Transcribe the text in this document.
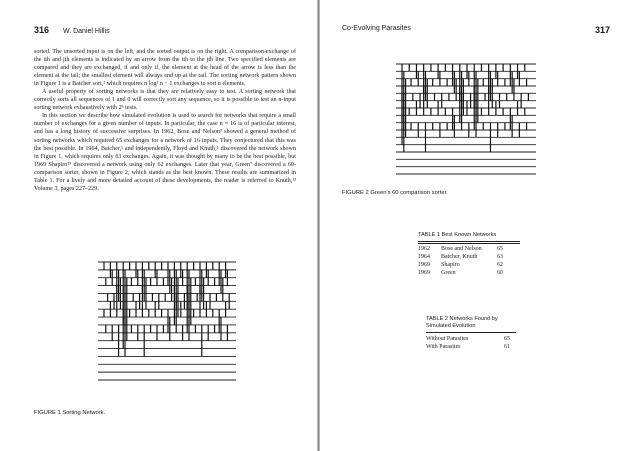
316 W. Daniel Hillis

sorted. The unsorted input is on the left, and the sorted output is on the right. A comparison-exchange of the ith and jth elements is indicated by an arrow from the ith to the jth line. Two specified elements are compared and they are exchanged, if and only if, the element at the head of the arrow is less than the element at the tail; the smallest element will always end up at the tail. The sorting network pattern shown in Figure 1 is a Batcher sort,² which requires n log² n − 1 exchanges to sort n elements.

A useful property of sorting networks is that they are relatively easy to test. A sorting network that correctly sorts all sequences of 1 and 0 will correctly sort any sequence, so it is possible to test an n-input sorting network exhaustively with 2ⁿ tests.

In this section we describe how simulated evolution is used to search for networks that require a small number of exchanges for a given number of inputs. In particular, the case n = 16 is of particular interest, and has a long history of successive surprises. In 1962, Bose and Nelson³ showed a general method of sorting networks which required 65 exchanges for a network of 16 inputs. They conjectured that this was the best possible. In 1964, Batcher,¹ and independently, Floyd and Knuth,⁵ discovered the network shown in Figure 1, which requires only 63 exchanges. Again, it was thought by many to be the best possible, but 1969 Shapiro¹⁹ discovered a network using only 62 exchanges. Later that year, Green⁷ discovered a 60-comparison sorter, shown in Figure 2, which stands as the best known. These results are summarized in Table 1. For a lively and more detailed account of these developments, the reader is referred to Knuth,¹³ Volume 3, pages 227–229.

FIGURE 1 Sorting Network.
Co-Evolving Parasites	317
FIGURE 2 Green's 60 comparison sorter.
TABLE 1 Best Known Networks
1962	Bose and Nelson	65
1964	Batcher, Knuth	63
1969	Shapiro	62
1969	Green	60
TABLE 2 Networks Found by
Simulated Evolution
Without Parasites	65
With Parasites	61
